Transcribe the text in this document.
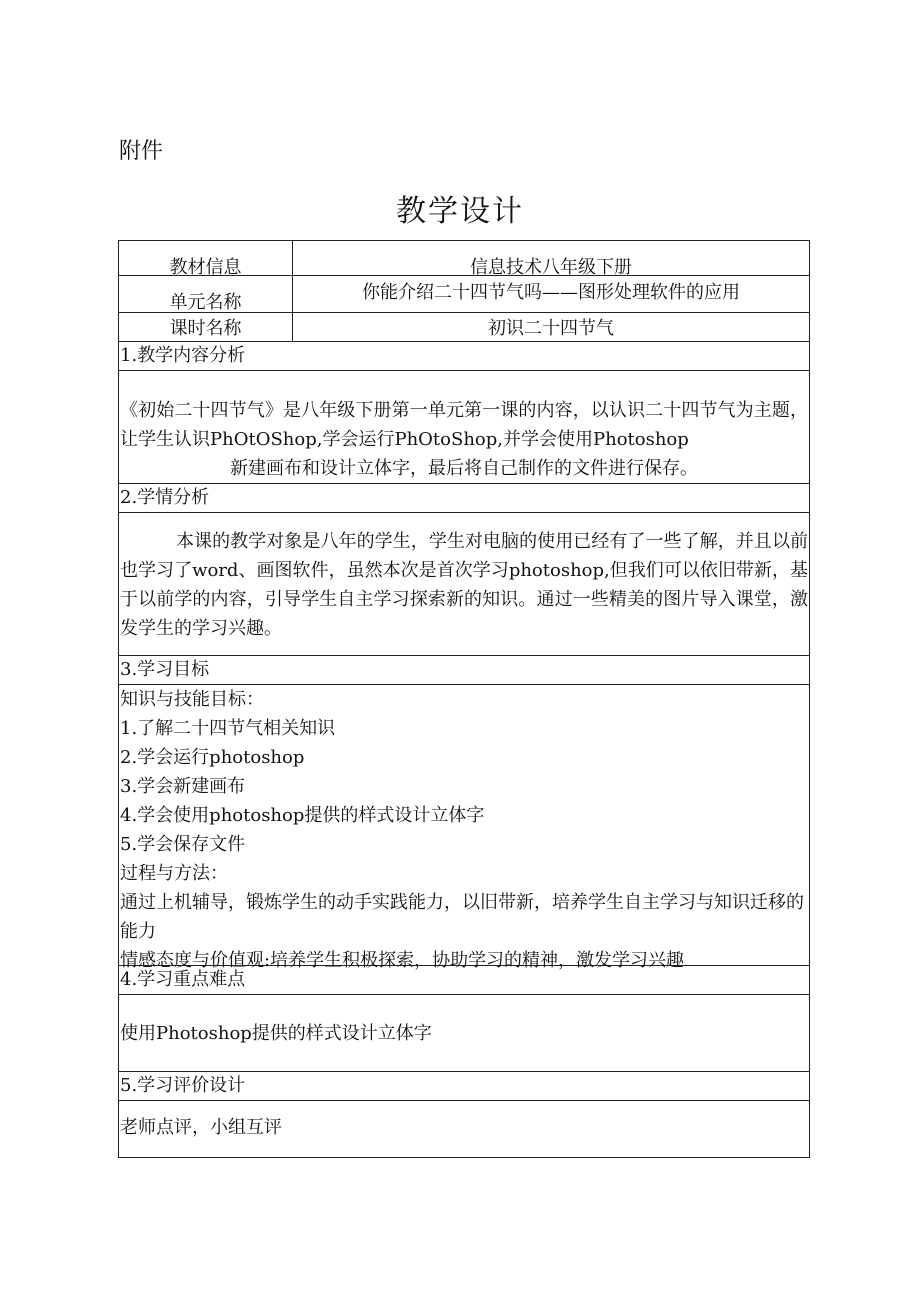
附件
教学设计
教材信息	信息技术八年级下册
单元名称	你能介绍二十四节气吗——图形处理软件的应用
课时名称	初识二十四节气
1.教学内容分析

《初始二十四节气》是八年级下册第一单元第一课的内容，以认识二十四节气为主题，让学生认识PhOtOShop,学会运行PhOtoShop,并学会使用Photoshop

新建画布和设计立体字，最后将自己制作的文件进行保存。

2.学情分析

本课的教学对象是八年的学生，学生对电脑的使用已经有了一些了解，并且以前也学习了word、画图软件，虽然本次是首次学习photoshop,但我们可以依旧带新，基于以前学的内容，引导学生自主学习探索新的知识。通过一些精美的图片导入课堂，激发学生的学习兴趣。

3.学习目标
知识与技能目标：
1.了解二十四节气相关知识
2.学会运行photoshop
3.学会新建画布
4.学会使用photoshop提供的样式设计立体字
5.学会保存文件
过程与方法：
通过上机辅导，锻炼学生的动手实践能力，以旧带新，培养学生自主学习与知识迁移的能力
情感态度与价值观:培养学生积极探索，协助学习的精神，激发学习兴趣
4.学习重点难点
使用Photoshop提供的样式设计立体字
5.学习评价设计
老师点评，小组互评
